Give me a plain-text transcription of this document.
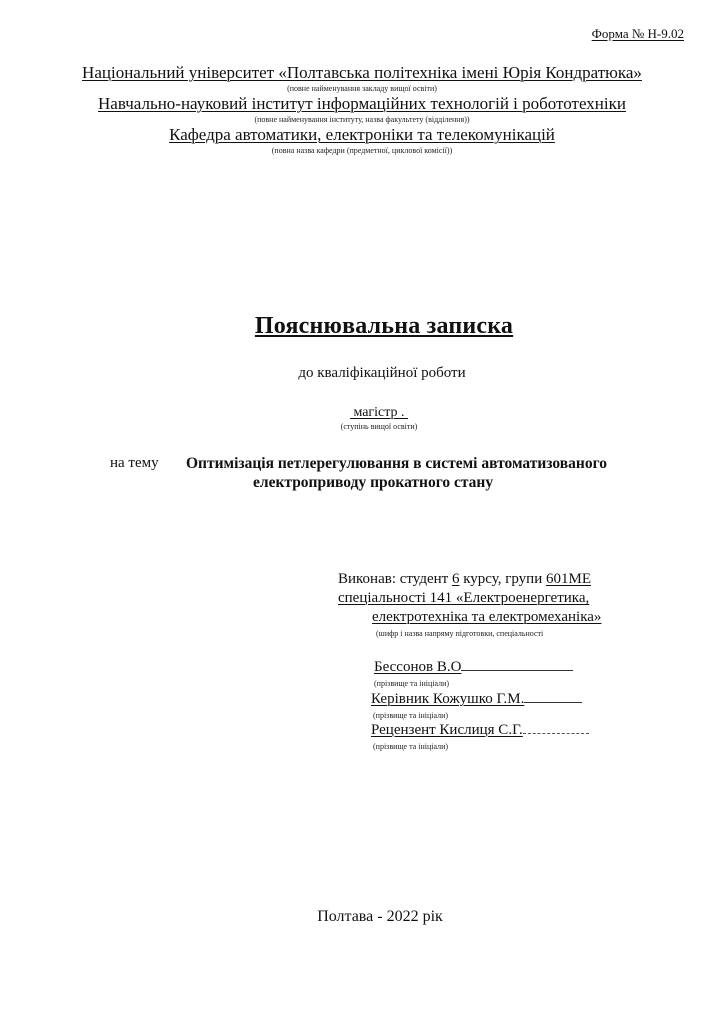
Форма № Н-9.02
Національний університет «Полтавська політехніка імені Юрія Кондратюка»
(повне найменування закладу вищої освіти)
Навчально-науковий інститут інформаційних технологій і робототехніки
(повне найменування інституту, назва факультету (відділення))
Кафедра автоматики, електроніки та телекомунікацій
(повна назва кафедри (предметної, циклової комісії))
Пояснювальна записка
до кваліфікаційної роботи
магістр .
(ступінь вищої освіти)
на тему Оптимізація петлерегулювання в системі автоматизованого
електроприводу прокатного стану
Виконав: студент 6 курсу, групи 601МЕ
спеціальності 141 «Електроенергетика,
електротехніка та електромеханіка»
(шифр і назва напряму підготовки, спеціальності
Бессонов В.О
(прізвище та ініціали)
Керівник Кожушко Г.М.
(прізвище та ініціали)
Рецензент Кислиця С.Г.
(прізвище та ініціали)
Полтава - 2022 рік
